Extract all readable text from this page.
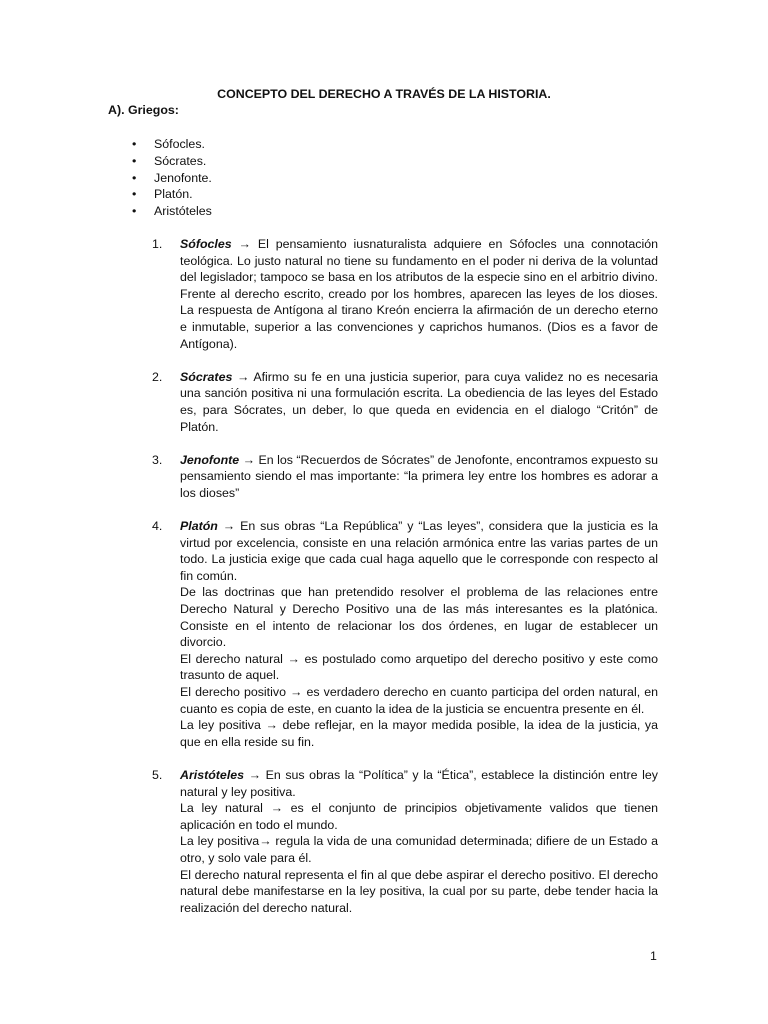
CONCEPTO DEL DERECHO A TRAVÉS DE LA HISTORIA.
A). Griegos:
• Sófocles.
• Sócrates.
• Jenofonte.
• Platón.
• Aristóteles
1. Sófocles → El pensamiento iusnaturalista adquiere en Sófocles una connotación teológica. Lo justo natural no tiene su fundamento en el poder ni deriva de la voluntad del legislador; tampoco se basa en los atributos de la especie sino en el arbitrio divino. Frente al derecho escrito, creado por los hombres, aparecen las leyes de los dioses. La respuesta de Antígona al tirano Kreón encierra la afirmación de un derecho eterno e inmutable, superior a las convenciones y caprichos humanos. (Dios es a favor de Antígona).

2. Sócrates → Afirmo su fe en una justicia superior, para cuya validez no es necesaria una sanción positiva ni una formulación escrita. La obediencia de las leyes del Estado es, para Sócrates, un deber, lo que queda en evidencia en el dialogo “Critón” de Platón.

3. Jenofonte → En los “Recuerdos de Sócrates” de Jenofonte, encontramos expuesto su pensamiento siendo el mas importante: “la primera ley entre los hombres es adorar a los dioses”

4. Platón → En sus obras “La República” y “Las leyes”, considera que la justicia es la virtud por excelencia, consiste en una relación armónica entre las varias partes de un todo. La justicia exige que cada cual haga aquello que le corresponde con respecto al fin común.

De las doctrinas que han pretendido resolver el problema de las relaciones entre Derecho Natural y Derecho Positivo una de las más interesantes es la platónica. Consiste en el intento de relacionar los dos órdenes, en lugar de establecer un divorcio.

El derecho natural → es postulado como arquetipo del derecho positivo y este como trasunto de aquel.

El derecho positivo → es verdadero derecho en cuanto participa del orden natural, en cuanto es copia de este, en cuanto la idea de la justicia se encuentra presente en él.

La ley positiva → debe reflejar, en la mayor medida posible, la idea de la justicia, ya que en ella reside su fin.

5. Aristóteles → En sus obras la “Política” y la “Ética”, establece la distinción entre ley natural y ley positiva.

La ley natural → es el conjunto de principios objetivamente validos que tienen aplicación en todo el mundo.

La ley positiva→ regula la vida de una comunidad determinada; difiere de un Estado a otro, y solo vale para él.

El derecho natural representa el fin al que debe aspirar el derecho positivo. El derecho natural debe manifestarse en la ley positiva, la cual por su parte, debe tender hacia la realización del derecho natural.

1
